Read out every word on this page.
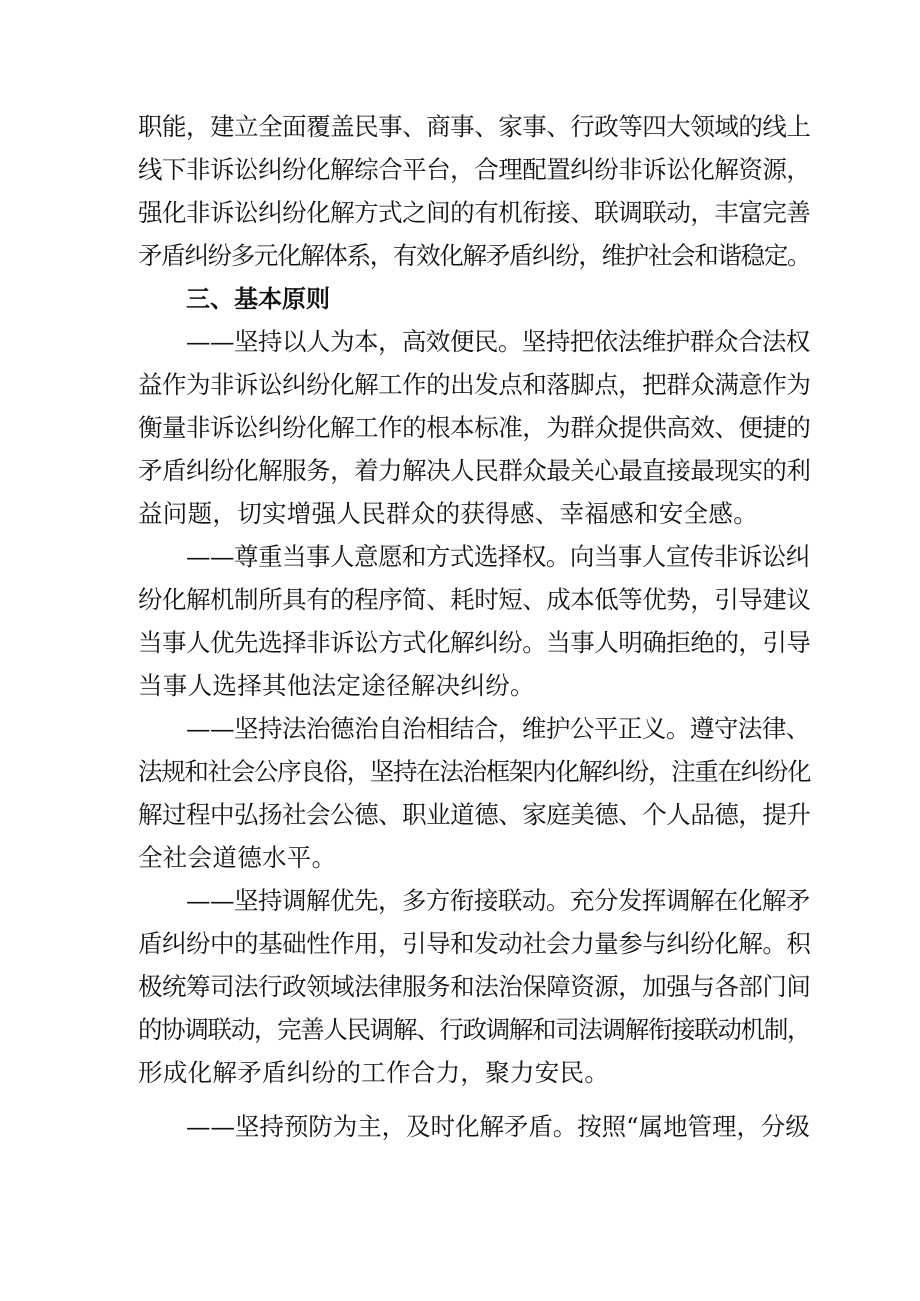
职能，建立全面覆盖民事、商事、家事、行政等四大领域的线上
线下非诉讼纠纷化解综合平台，合理配置纠纷非诉讼化解资源，
强化非诉讼纠纷化解方式之间的有机衔接、联调联动，丰富完善
矛盾纠纷多元化解体系，有效化解矛盾纠纷，维护社会和谐稳定。
三、基本原则
——坚持以人为本，高效便民。坚持把依法维护群众合法权
益作为非诉讼纠纷化解工作的出发点和落脚点，把群众满意作为
衡量非诉讼纠纷化解工作的根本标准，为群众提供高效、便捷的
矛盾纠纷化解服务，着力解决人民群众最关心最直接最现实的利
益问题，切实增强人民群众的获得感、幸福感和安全感。
——尊重当事人意愿和方式选择权。向当事人宣传非诉讼纠
纷化解机制所具有的程序简、耗时短、成本低等优势，引导建议
当事人优先选择非诉讼方式化解纠纷。当事人明确拒绝的，引导
当事人选择其他法定途径解决纠纷。
——坚持法治德治自治相结合，维护公平正义。遵守法律、
法规和社会公序良俗，坚持在法治框架内化解纠纷，注重在纠纷化
解过程中弘扬社会公德、职业道德、家庭美德、个人品德，提升
全社会道德水平。
——坚持调解优先，多方衔接联动。充分发挥调解在化解矛
盾纠纷中的基础性作用，引导和发动社会力量参与纠纷化解。积
极统筹司法行政领域法律服务和法治保障资源，加强与各部门间
的协调联动，完善人民调解、行政调解和司法调解衔接联动机制，
形成化解矛盾纠纷的工作合力，聚力安民。
——坚持预防为主，及时化解矛盾。按照“属地管理，分级
